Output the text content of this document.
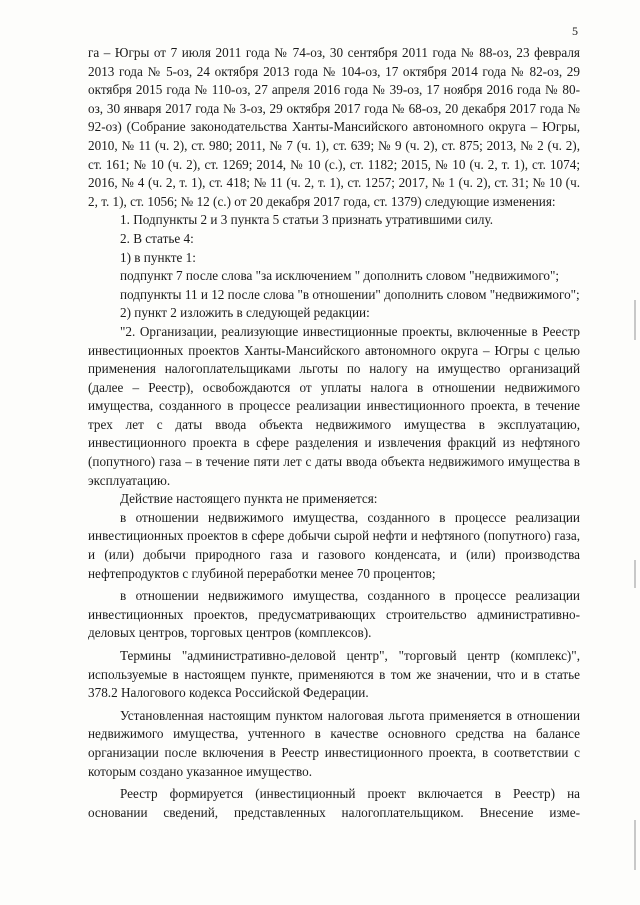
5

га – Югры от 7 июля 2011 года № 74-оз, 30 сентября 2011 года № 88-оз, 23 февраля 2013 года № 5-оз, 24 октября 2013 года № 104-оз, 17 октября 2014 года № 82-оз, 29 октября 2015 года № 110-оз, 27 апреля 2016 года № 39-оз, 17 ноября 2016 года № 80-оз, 30 января 2017 года № 3-оз, 29 октября 2017 года № 68-оз, 20 декабря 2017 года № 92-оз) (Собрание законодательства Ханты-Мансийского автономного округа – Югры, 2010, № 11 (ч. 2), ст. 980; 2011, № 7 (ч. 1), ст. 639; № 9 (ч. 2), ст. 875; 2013, № 2 (ч. 2), ст. 161; № 10 (ч. 2), ст. 1269; 2014, № 10 (с.), ст. 1182; 2015, № 10 (ч. 2, т. 1), ст. 1074; 2016, № 4 (ч. 2, т. 1), ст. 418; № 11 (ч. 2, т. 1), ст. 1257; 2017, № 1 (ч. 2), ст. 31; № 10 (ч. 2, т. 1), ст. 1056; № 12 (с.) от 20 декабря 2017 года, ст. 1379) следующие изменения:

1. Подпункты 2 и 3 пункта 5 статьи 3 признать утратившими силу.

2. В статье 4:

1) в пункте 1:

подпункт 7 после слова "за исключением " дополнить словом "недвижимого";

подпункты 11 и 12 после слова "в отношении" дополнить словом "недвижимого";

2) пункт 2 изложить в следующей редакции:

"2. Организации, реализующие инвестиционные проекты, включенные в Реестр инвестиционных проектов Ханты-Мансийского автономного округа – Югры с целью применения налогоплательщиками льготы по налогу на имущество организаций (далее – Реестр), освобождаются от уплаты налога в отношении недвижимого имущества, созданного в процессе реализации инвестиционного проекта, в течение трех лет с даты ввода объекта недвижимого имущества в эксплуатацию, инвестиционного проекта в сфере разделения и извлечения фракций из нефтяного (попутного) газа – в течение пяти лет с даты ввода объекта недвижимого имущества в эксплуатацию.

Действие настоящего пункта не применяется:

в отношении недвижимого имущества, созданного в процессе реализации инвестиционных проектов в сфере добычи сырой нефти и нефтяного (попутного) газа, и (или) добычи природного газа и газового конденсата, и (или) производства нефтепродуктов с глубиной переработки менее 70 процентов;

в отношении недвижимого имущества, созданного в процессе реализации инвестиционных проектов, предусматривающих строительство административно-деловых центров, торговых центров (комплексов).

Термины "административно-деловой центр", "торговый центр (комплекс)", используемые в настоящем пункте, применяются в том же значении, что и в статье 378.2 Налогового кодекса Российской Федерации.

Установленная настоящим пунктом налоговая льгота применяется в отношении недвижимого имущества, учтенного в качестве основного средства на балансе организации после включения в Реестр инвестиционного проекта, в соответствии с которым создано указанное имущество.

Реестр формируется (инвестиционный проект включается в Реестр) на основании сведений, представленных налогоплательщиком. Внесение изме-
